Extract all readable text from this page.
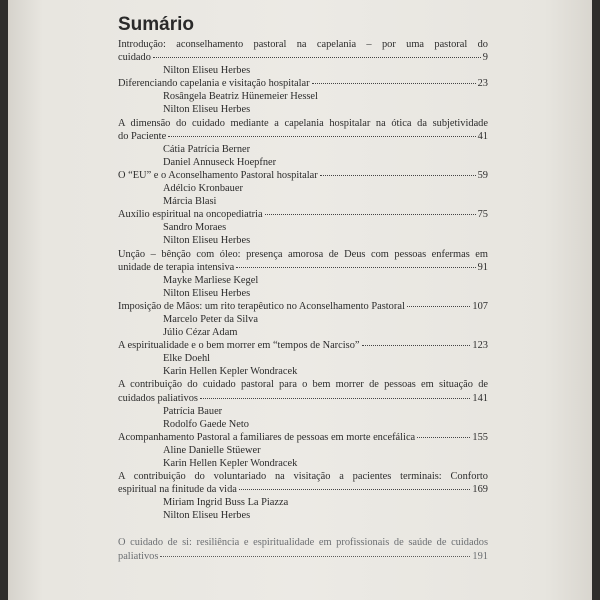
Sumário
Introdução: aconselhamento pastoral na capelania – por uma pastoral do
cuidado	9
Nilton Eliseu Herbes
Diferenciando capelania e visitação hospitalar	23
Rosângela Beatriz Hünemeier Hessel
Nilton Eliseu Herbes
A dimensão do cuidado mediante a capelania hospitalar na ótica da subjetividade
do Paciente	41
Cátia Patrícia Berner
Daniel Annuseck Hoepfner
O “EU” e o Aconselhamento Pastoral hospitalar	59
Adélcio Kronbauer
Márcia Blasi
Auxílio espiritual na oncopediatria	75
Sandro Moraes
Nilton Eliseu Herbes
Unção – bênção com óleo: presença amorosa de Deus com pessoas enfermas em
unidade de terapia intensiva	91
Mayke Marliese Kegel
Nilton Eliseu Herbes
Imposição de Mãos: um rito terapêutico no Aconselhamento Pastoral	107
Marcelo Peter da Silva
Júlio Cézar Adam
A espiritualidade e o bem morrer em “tempos de Narciso”	123
Elke Doehl
Karin Hellen Kepler Wondracek
A contribuição do cuidado pastoral para o bem morrer de pessoas em situação de
cuidados paliativos	141
Patrícia Bauer
Rodolfo Gaede Neto
Acompanhamento Pastoral a familiares de pessoas em morte encefálica	155
Aline Danielle Stüewer
Karin Hellen Kepler Wondracek
A contribuição do voluntariado na visitação a pacientes terminais: Conforto
espiritual na finitude da vida	169
Miriam Ingrid Buss La Piazza
Nilton Eliseu Herbes
O cuidado de si: resiliência e espiritualidade em profissionais de saúde de cuidados
paliativos	191
